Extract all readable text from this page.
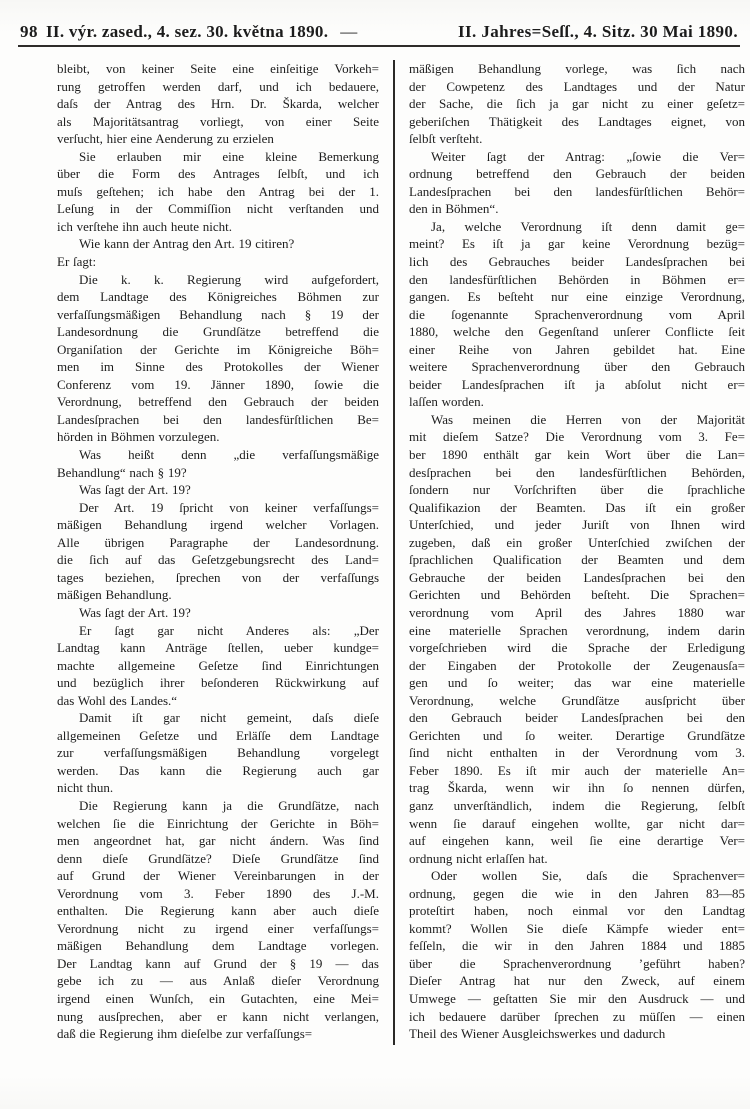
98 II. výr. zased., 4. sez. 30. května 1890. —	II. Jahres=Seſſ., 4. Sitz. 30 Mai 1890.
bleibt, von keiner Seite eine einſeitige Vorkeh=
rung getroffen werden darf, und ich bedauere,
daſs der Antrag des Hrn. Dr. Škarda, welcher
als Majoritätsantrag vorliegt, von einer Seite
verſucht, hier eine Aenderung zu erzielen
Sie erlauben mir eine kleine Bemerkung
über die Form des Antrages ſelbſt, und ich
muſs geſtehen; ich habe den Antrag bei der 1.
Leſung in der Commiſſion nicht verſtanden und
ich verſtehe ihn auch heute nicht.
Wie kann der Antrag den Art. 19 citiren?
Er ſagt:
Die k. k. Regierung wird aufgefordert,
dem Landtage des Königreiches Böhmen zur
verfaſſungsmäßigen Behandlung nach § 19 der
Landesordnung die Grundſätze betreffend die
Organiſation der Gerichte im Königreiche Böh=
men im Sinne des Protokolles der Wiener
Conferenz vom 19. Jänner 1890, ſowie die
Verordnung, betreffend den Gebrauch der beiden
Landesſprachen bei den landesfürſtlichen Be=
hörden in Böhmen vorzulegen.
Was heißt denn „die verfaſſungsmäßige
Behandlung“ nach § 19?
Was ſagt der Art. 19?
Der Art. 19 ſpricht von keiner verfaſſungs=
mäßigen Behandlung irgend welcher Vorlagen.
Alle übrigen Paragraphe der Landesordnung.
die ſich auf das Geſetzgebungsrecht des Land=
tages beziehen, ſprechen von der verfaſſungs
mäßigen Behandlung.
Was ſagt der Art. 19?
Er ſagt gar nicht Anderes als: „Der
Landtag kann Anträge ſtellen, ueber kundge=
machte allgemeine Geſetze ſind Einrichtungen
und bezüglich ihrer beſonderen Rückwirkung auf
das Wohl des Landes.“
Damit iſt gar nicht gemeint, daſs dieſe
allgemeinen Geſetze und Erläſſe dem Landtage
zur verfaſſungsmäßigen Behandlung vorgelegt
werden. Das kann die Regierung auch gar
nicht thun.
Die Regierung kann ja die Grundſätze, nach
welchen ſie die Einrichtung der Gerichte in Böh=
men angeordnet hat, gar nicht ándern. Was ſind
denn dieſe Grundſätze? Dieſe Grundſätze ſind
auf Grund der Wiener Vereinbarungen in der
Verordnung vom 3. Feber 1890 des J.-M.
enthalten. Die Regierung kann aber auch dieſe
Verordnung nicht zu irgend einer verfaſſungs=
mäßigen Behandlung dem Landtage vorlegen.
Der Landtag kann auf Grund der § 19 — das
gebe ich zu — aus Anlaß dieſer Verordnung
irgend einen Wunſch, ein Gutachten, eine Mei=
nung ausſprechen, aber er kann nicht verlangen,
daß die Regierung ihm dieſelbe zur verfaſſungs=
mäßigen Behandlung vorlege, was ſich nach
der Cowpetenz des Landtages und der Natur
der Sache, die ſich ja gar nicht zu einer geſetz=
geberiſchen Thätigkeit des Landtages eignet, von
ſelbſt verſteht.
Weiter ſagt der Antrag: „ſowie die Ver=
ordnung betreffend den Gebrauch der beiden
Landesſprachen bei den landesfürſtlichen Behör=
den in Böhmen“.
Ja, welche Verordnung iſt denn damit ge=
meint? Es iſt ja gar keine Verordnung bezüg=
lich des Gebrauches beider Landesſprachen bei
den landesfürſtlichen Behörden in Böhmen er=
gangen. Es beſteht nur eine einzige Verordnung,
die ſogenannte Sprachenverordnung vom April
1880, welche den Gegenſtand unſerer Conflicte ſeit
einer Reihe von Jahren gebildet hat. Eine
weitere Sprachenverordnung über den Gebrauch
beider Landesſprachen iſt ja abſolut nicht er=
laſſen worden.
Was meinen die Herren von der Majorität
mit dieſem Satze? Die Verordnung vom 3. Fe=
ber 1890 enthält gar kein Wort über die Lan=
desſprachen bei den landesfürſtlichen Behörden,
ſondern nur Vorſchriften über die ſprachliche
Qualifikazion der Beamten. Das iſt ein großer
Unterſchied, und jeder Juriſt von Ihnen wird
zugeben, daß ein großer Unterſchied zwiſchen der
ſprachlichen Qualification der Beamten und dem
Gebrauche der beiden Landesſprachen bei den
Gerichten und Behörden beſteht. Die Sprachen=
verordnung vom April des Jahres 1880 war
eine materielle Sprachen verordnung, indem darin
vorgeſchrieben wird die Sprache der Erledigung
der Eingaben der Protokolle der Zeugenausſa=
gen und ſo weiter; das war eine materielle
Verordnung, welche Grundſätze ausſpricht über
den Gebrauch beider Landesſprachen bei den
Gerichten und ſo weiter. Derartige Grundſätze
ſind nicht enthalten in der Verordnung vom 3.
Feber 1890. Es iſt mir auch der materielle An=
trag Škarda, wenn wir ihn ſo nennen dürfen,
ganz unverſtändlich, indem die Regierung, ſelbſt
wenn ſie darauf eingehen wollte, gar nicht dar=
auf eingehen kann, weil ſie eine derartige Ver=
ordnung nicht erlaſſen hat.
Oder wollen Sie, daſs die Sprachenver=
ordnung, gegen die wie in den Jahren 83—85
proteſtirt haben, noch einmal vor den Landtag
kommt? Wollen Sie dieſe Kämpfe wieder ent=
feſſeln, die wir in den Jahren 1884 und 1885
über die Sprachenverordnung ’geführt haben?
Dieſer Antrag hat nur den Zweck, auf einem
Umwege — geſtatten Sie mir den Ausdruck — und
ich bedauere darüber ſprechen zu müſſen — einen
Theil des Wiener Ausgleichswerkes und dadurch
